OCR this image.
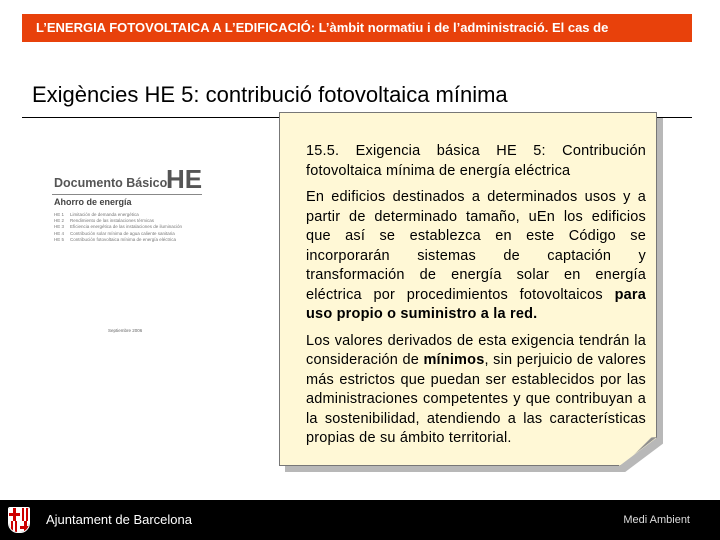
L’ENERGIA FOTOVOLTAICA A L’EDIFICACIÓ: L’àmbit normatiu i de l’administració. El cas de
Exigències HE 5: contribució fotovoltaica mínima
Documento Básico
HE
Ahorro de energía
HE 1 Limitación de demanda energética
HE 2 Rendimiento de las instalaciones térmicas
HE 3 Eficiencia energética de las instalaciones de iluminación
HE 4 Contribución solar mínima de agua caliente sanitaria
HE 5 Contribución fotovoltaica mínima de energía eléctrica
Septiembre 2006

15.5. Exigencia básica HE 5: Contribución fotovoltaica mínima de energía eléctrica

En edificios destinados a determinados usos y a partir de determinado tamaño, uEn los edificios que así se establezca en este Código se incorporarán sistemas de captación y transformación de energía solar en energía eléctrica por procedimientos fotovoltaicos para uso propio o suministro a la red.

Los valores derivados de esta exigencia tendrán la consideración de mínimos, sin perjuicio de valores más estrictos que puedan ser establecidos por las administraciones competentes y que contribuyan a la sostenibilidad, atendiendo a las características propias de su ámbito territorial.

Ajuntament de Barcelona	Medi Ambient
